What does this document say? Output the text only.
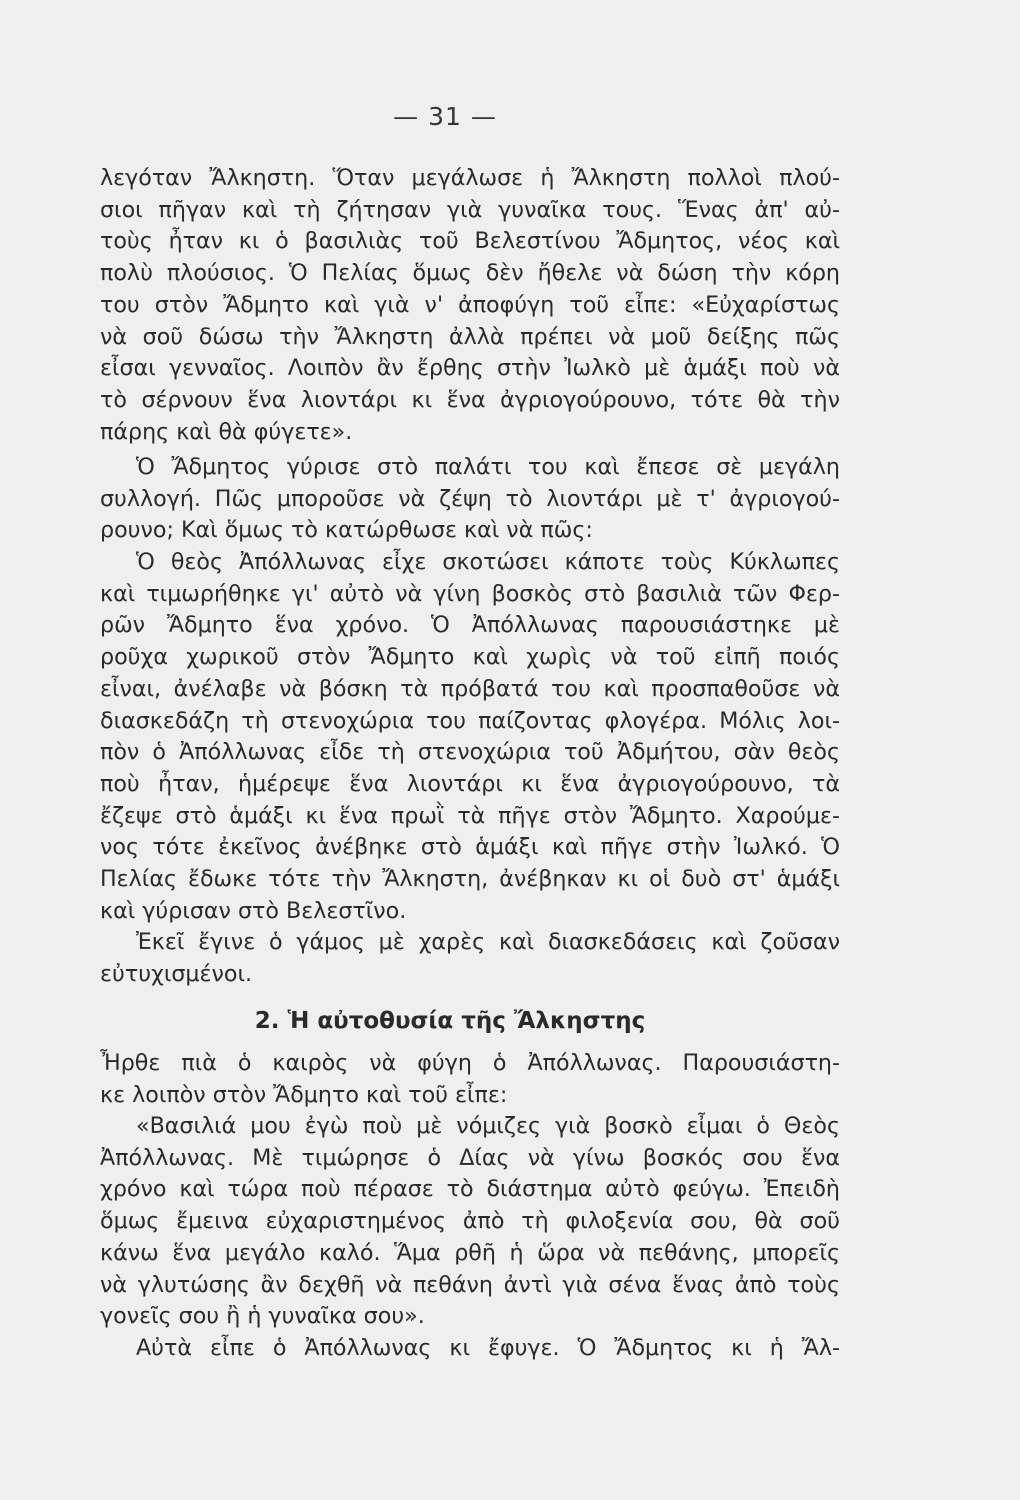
— 31 —
λεγόταν Ἄλκηστη. Ὅταν μεγάλωσε ἡ Ἄλκηστη πολλοὶ πλού-
σιοι πῆγαν καὶ τὴ ζήτησαν γιὰ γυναῖκα τους. Ἕνας ἀπ' αὐ-
τοὺς ἦταν κι ὁ βασιλιὰς τοῦ Βελεστίνου Ἄδμητος, νέος καὶ
πολὺ πλούσιος. Ὁ Πελίας ὅμως δὲν ἤθελε νὰ δώση τὴν κόρη
του στὸν Ἄδμητο καὶ γιὰ ν' ἀποφύγη τοῦ εἶπε: «Εὐχαρίστως
νὰ σοῦ δώσω τὴν Ἄλκηστη ἀλλὰ πρέπει νὰ μοῦ δείξης πῶς
εἶσαι γενναῖος. Λοιπὸν ἂν ἔρθης στὴν Ἰωλκὸ μὲ ἁμάξι ποὺ νὰ
τὸ σέρνουν ἕνα λιοντάρι κι ἕνα ἀγριογούρουνο, τότε θὰ τὴν
πάρης καὶ θὰ φύγετε».
Ὁ Ἄδμητος γύρισε στὸ παλάτι του καὶ ἔπεσε σὲ μεγάλη
συλλογή. Πῶς μποροῦσε νὰ ζέψη τὸ λιοντάρι μὲ τ' ἀγριογού-
ρουνο; Καὶ ὅμως τὸ κατώρθωσε καὶ νὰ πῶς:
Ὁ θεὸς Ἀπόλλωνας εἶχε σκοτώσει κάποτε τοὺς Κύκλωπες
καὶ τιμωρήθηκε γι' αὐτὸ νὰ γίνη βοσκὸς στὸ βασιλιὰ τῶν Φερ-
ρῶν Ἄδμητο ἕνα χρόνο. Ὁ Ἀπόλλωνας παρουσιάστηκε μὲ
ροῦχα χωρικοῦ στὸν Ἄδμητο καὶ χωρὶς νὰ τοῦ εἰπῆ ποιός
εἶναι, ἀνέλαβε νὰ βόσκη τὰ πρόβατά του καὶ προσπαθοῦσε νὰ
διασκεδάζη τὴ στενοχώρια του παίζοντας φλογέρα. Μόλις λοι-
πὸν ὁ Ἀπόλλωνας εἶδε τὴ στενοχώρια τοῦ Ἀδμήτου, σὰν θεὸς
ποὺ ἦταν, ἡμέρεψε ἕνα λιοντάρι κι ἕνα ἀγριογούρουνο, τὰ
ἔζεψε στὸ ἁμάξι κι ἕνα πρωῒ τὰ πῆγε στὸν Ἄδμητο. Χαρούμε-
νος τότε ἐκεῖνος ἀνέβηκε στὸ ἁμάξι καὶ πῆγε στὴν Ἰωλκό. Ὁ
Πελίας ἔδωκε τότε τὴν Ἄλκηστη, ἀνέβηκαν κι οἱ δυὸ στ' ἁμάξι
καὶ γύρισαν στὸ Βελεστῖνο.
Ἐκεῖ ἔγινε ὁ γάμος μὲ χαρὲς καὶ διασκεδάσεις καὶ ζοῦσαν
εὐτυχισμένοι.
2. Ἡ αὐτοθυσία τῆς Ἄλκηστης
Ἦρθε πιὰ ὁ καιρὸς νὰ φύγη ὁ Ἀπόλλωνας. Παρουσιάστη-
κε λοιπὸν στὸν Ἄδμητο καὶ τοῦ εἶπε:
«Βασιλιά μου ἐγὼ ποὺ μὲ νόμιζες γιὰ βοσκὸ εἶμαι ὁ Θεὸς
Ἀπόλλωνας. Μὲ τιμώρησε ὁ Δίας νὰ γίνω βοσκός σου ἕνα
χρόνο καὶ τώρα ποὺ πέρασε τὸ διάστημα αὐτὸ φεύγω. Ἐπειδὴ
ὅμως ἔμεινα εὐχαριστημένος ἀπὸ τὴ φιλοξενία σου, θὰ σοῦ
κάνω ἕνα μεγάλο καλό. Ἅμα ρθῆ ἡ ὥρα νὰ πεθάνης, μπορεῖς
νὰ γλυτώσης ἂν δεχθῆ νὰ πεθάνη ἀντὶ γιὰ σένα ἕνας ἀπὸ τοὺς
γονεῖς σου ἢ ἡ γυναῖκα σου».
Αὐτὰ εἶπε ὁ Ἀπόλλωνας κι ἔφυγε. Ὁ Ἄδμητος κι ἡ Ἄλ-
